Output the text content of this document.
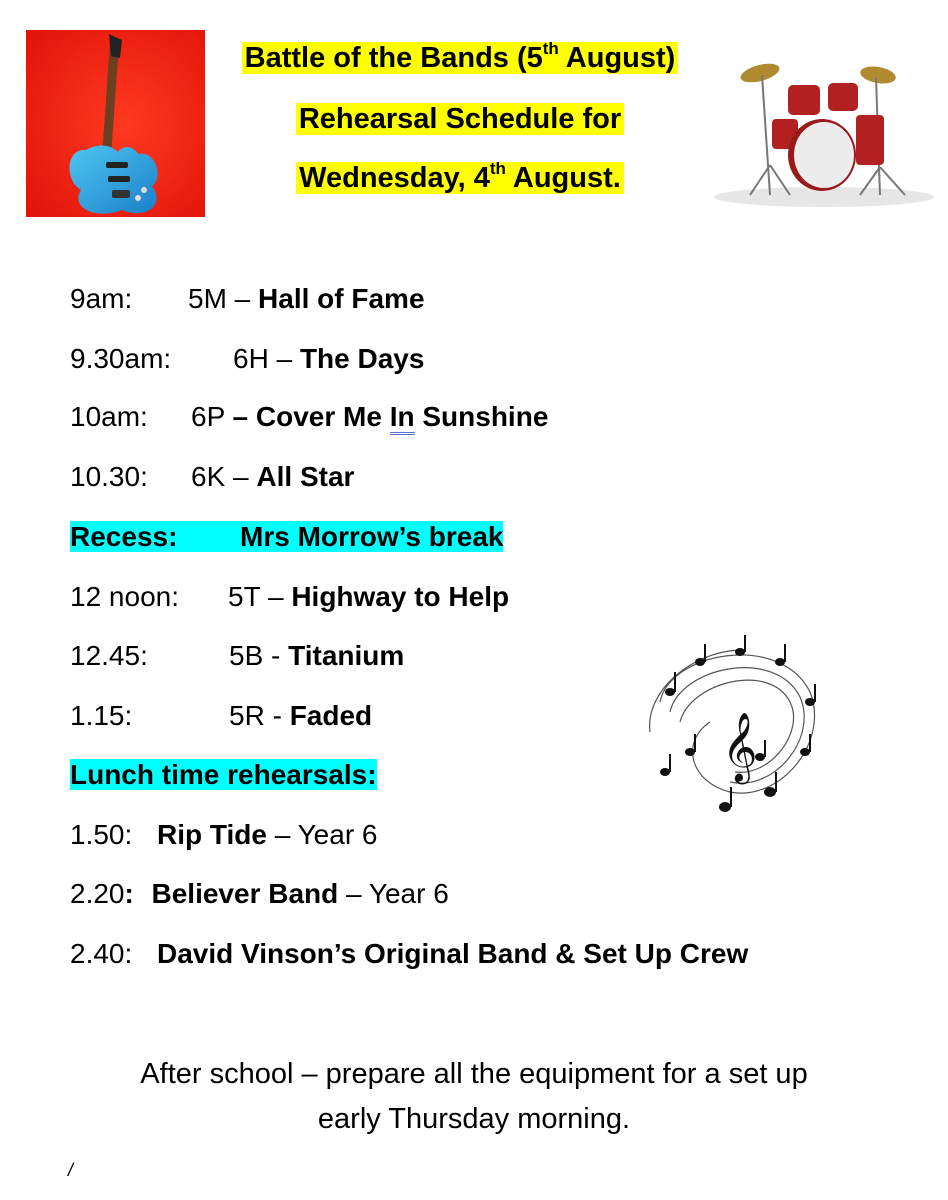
Battle of the Bands (5th August)
Rehearsal Schedule for
Wednesday, 4th August.
9am: 5M – Hall of Fame
9.30am: 6H – The Days
10am: 6P – Cover Me In Sunshine
10.30: 6K – All Star
Recess: Mrs Morrow’s break
12 noon: 5T – Highway to Help
12.45:	5B - Titanium
1.15:	5R - Faded
Lunch time rehearsals:
1.50: Rip Tide – Year 6
2.20: Believer Band – Year 6
2.40: David Vinson’s Original Band & Set Up Crew
𝄞
After school – prepare all the equipment for a set up
early Thursday morning.
/
